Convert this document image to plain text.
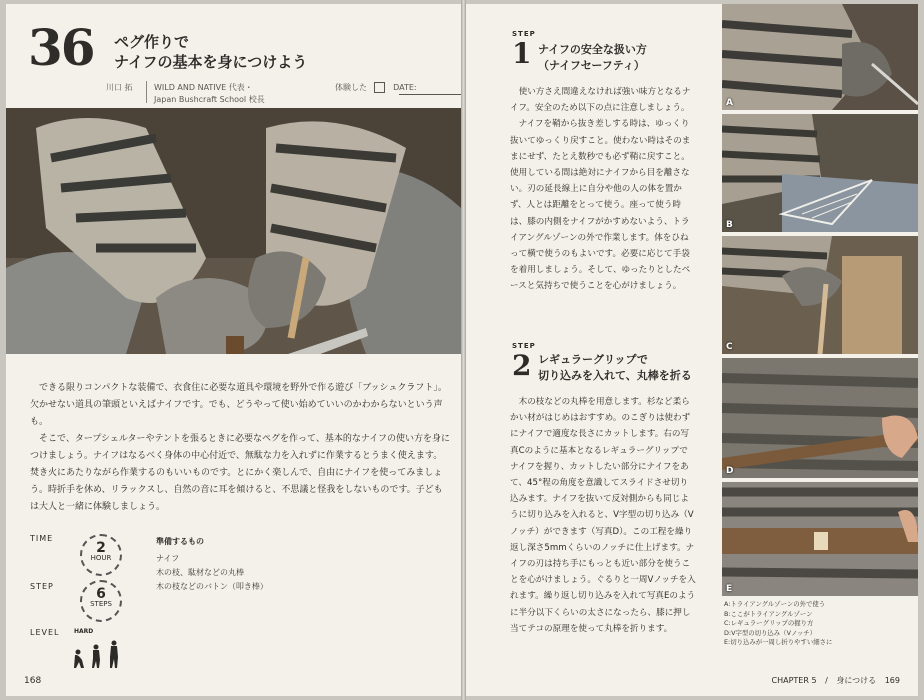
36 ペグ作りで
ナイフの基本を身につけよう
川口 拓	WILD AND NATIVE 代表・
Japan Bushcraft School 校長
体験した	DATE:

できる限りコンパクトな装備で、衣食住に必要な道具や環境を野外で作る遊び「ブッシュクラフト」。欠かせない道具の筆頭といえばナイフです。でも、どうやって使い始めていいのかわからないという声も。

そこで、タープシェルターやテントを張るときに必要なペグを作って、基本的なナイフの使い方を身につけましょう。ナイフはなるべく身体の中心付近で、無駄な力を入れずに作業するとうまく使えます。焚き火にあたりながら作業するのもいいものです。とにかく楽しんで、自由にナイフを使ってみましょう。時折手を休め、リラックスし、自然の音に耳を傾けると、不思議と怪我をしないものです。子どもは大人と一緒に体験しましょう。

TIME
2
HOUR
STEP	6
STEPS
LEVEL HARD
準備するもの
ナイフ
木の枝、駄材などの丸棒
木の枝などのバトン（叩き棒）
168
STEP
1 ナイフの安全な扱い方
（ナイフセーフティ）

使い方さえ間違えなければ強い味方となるナイフ。安全のため以下の点に注意しましょう。

ナイフを鞘から抜き差しする時は、ゆっくり抜いてゆっくり戻すこと。使わない時はそのままにせず、たとえ数秒でも必ず鞘に戻すこと。使用している間は絶対にナイフから目を離さない。刃の延長線上に自分や他の人の体を置かず、人とは距離をとって使う。座って使う時は、膝の内側をナイフがかすめないよう、トライアングルゾーンの外で作業します。体をひねって横で使うのもよいです。必要に応じて手袋を着用しましょう。そして、ゆったりとしたペースと気持ちで使うことを心がけましょう。

STEP
2 レギュラーグリップで
切り込みを入れて、丸棒を折る

木の枝などの丸棒を用意します。杉など柔らかい材がはじめはおすすめ。のこぎりは使わずにナイフで適度な長さにカットします。右の写真Cのように基本となるレギュラーグリップでナイフを握り、カットしたい部分にナイフをあて、45°程の角度を意識してスライドさせ切り込みます。ナイフを抜いて反対側からも同じように切り込みを入れると、V字型の切り込み（Vノッチ）ができます（写真D）。この工程を繰り返し深さ5mmくらいのノッチに仕上げます。ナイフの刃は持ち手にもっとも近い部分を使うことを心がけましょう。ぐるりと一周Vノッチを入れます。繰り返し切り込みを入れて写真Eのように半分以下くらいの太さになったら、膝に押し当てテコの原理を使って丸棒を折ります。

A
B
C
D
E
A:トライアングルゾーンの外で使う
B:ここがトライアングルゾーン
C:レギュラーグリップの握り方
D:V字型の切り込み（Vノッチ）
E:切り込みが一周し折りやすい細さに
CHAPTER 5 / 身につける 169
